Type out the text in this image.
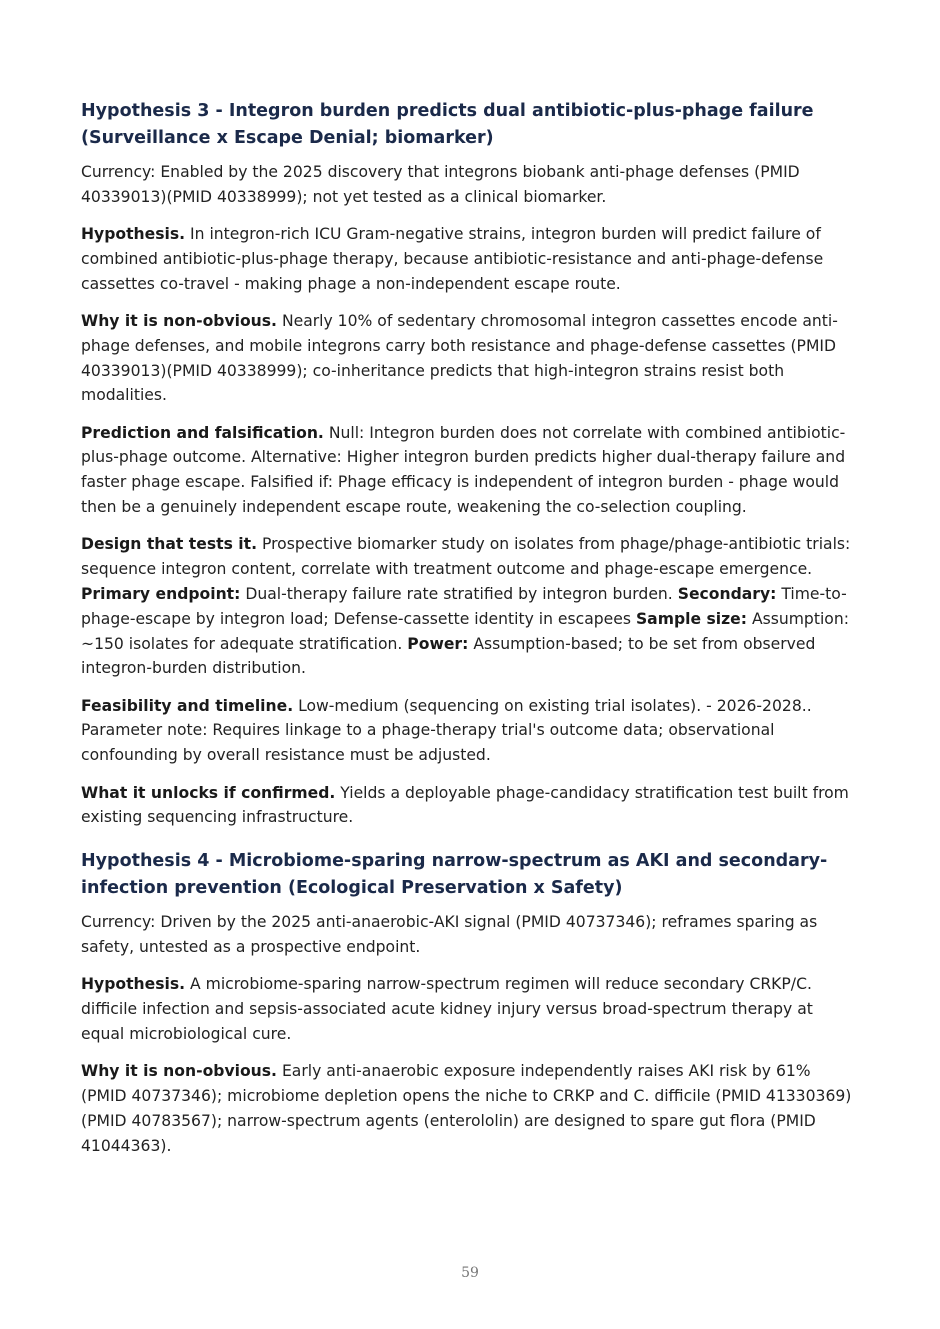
Hypothesis 3 - Integron burden predicts dual antibiotic-plus-phage failure (Surveillance x Escape Denial; biomarker)

Currency: Enabled by the 2025 discovery that integrons biobank anti-phage defenses (PMID 40339013)(PMID 40338999); not yet tested as a clinical biomarker.

Hypothesis. In integron-rich ICU Gram-negative strains, integron burden will predict failure of combined antibiotic-plus-phage therapy, because antibiotic-resistance and anti-phage-defense cassettes co-travel - making phage a non-independent escape route.

Why it is non-obvious. Nearly 10% of sedentary chromosomal integron cassettes encode anti-phage defenses, and mobile integrons carry both resistance and phage-defense cassettes (PMID 40339013)(PMID 40338999); co-inheritance predicts that high-integron strains resist both modalities.

Prediction and falsification. Null: Integron burden does not correlate with combined antibiotic-plus-phage outcome. Alternative: Higher integron burden predicts higher dual-therapy failure and faster phage escape. Falsified if: Phage efficacy is independent of integron burden - phage would then be a genuinely independent escape route, weakening the co-selection coupling.

Design that tests it. Prospective biomarker study on isolates from phage/phage-antibiotic trials: sequence integron content, correlate with treatment outcome and phage-escape emergence. Primary endpoint: Dual-therapy failure rate stratified by integron burden. Secondary: Time-to-phage-escape by integron load; Defense-cassette identity in escapees Sample size: Assumption: ~150 isolates for adequate stratification. Power: Assumption-based; to be set from observed integron-burden distribution.

Feasibility and timeline. Low-medium (sequencing on existing trial isolates). - 2026-2028.. Parameter note: Requires linkage to a phage-therapy trial's outcome data; observational confounding by overall resistance must be adjusted.

What it unlocks if confirmed. Yields a deployable phage-candidacy stratification test built from existing sequencing infrastructure.

Hypothesis 4 - Microbiome-sparing narrow-spectrum as AKI and secondary-infection prevention (Ecological Preservation x Safety)

Currency: Driven by the 2025 anti-anaerobic-AKI signal (PMID 40737346); reframes sparing as safety, untested as a prospective endpoint.

Hypothesis. A microbiome-sparing narrow-spectrum regimen will reduce secondary CRKP/C. difficile infection and sepsis-associated acute kidney injury versus broad-spectrum therapy at equal microbiological cure.

Why it is non-obvious. Early anti-anaerobic exposure independently raises AKI risk by 61% (PMID 40737346); microbiome depletion opens the niche to CRKP and C. difficile (PMID 41330369)(PMID 40783567); narrow-spectrum agents (enterololin) are designed to spare gut flora (PMID 41044363).

59
